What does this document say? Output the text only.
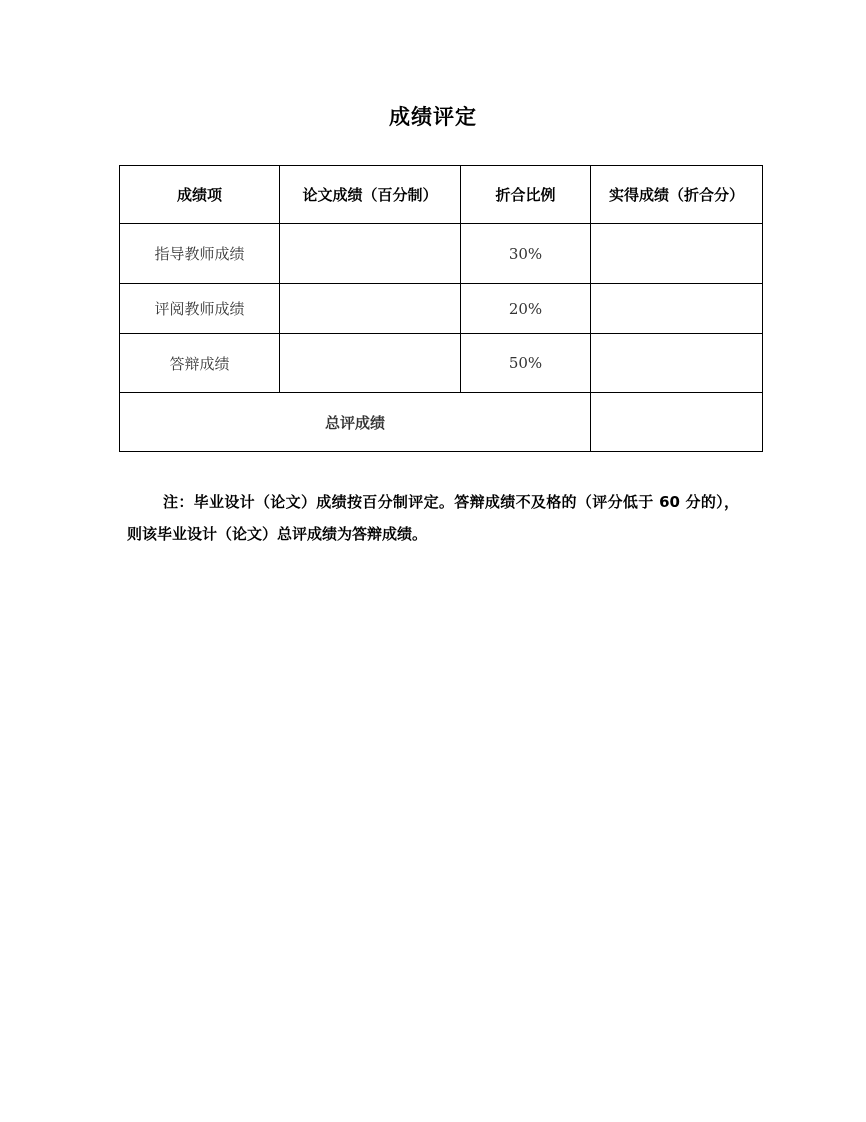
成绩评定
成绩项	论文成绩（百分制）	折合比例	实得成绩（折合分）
指导教师成绩		30%	
评阅教师成绩		20%	
答辩成绩		50%	
总评成绩			
注：毕业设计（论文）成绩按百分制评定。答辩成绩不及格的（评分低于 60 分的），则该毕业设计（论文）总评成绩为答辩成绩。
